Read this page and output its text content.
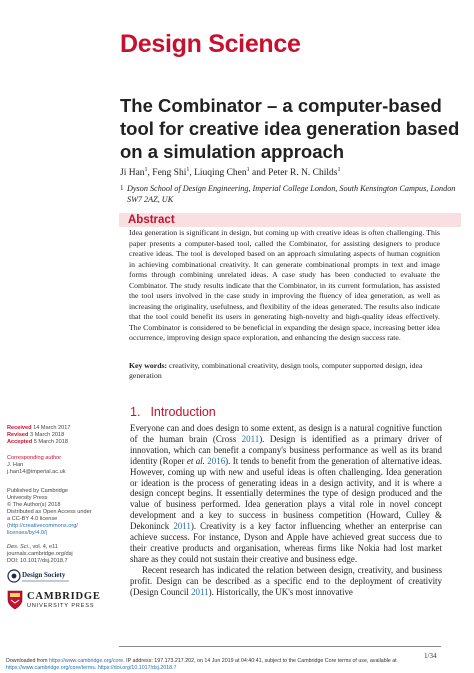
Design Science
The Combinator – a computer-based tool for creative idea generation based on a simulation approach
Ji Han$^1$, Feng Shi$^1$, Liuqing Chen$^1$ and Peter R. N. Childs$^1$
1 Dyson School of Design Engineering, Imperial College London, South Kensington Campus, London SW7 2AZ, UK
Abstract

Idea generation is significant in design, but coming up with creative ideas is often challenging. This paper presents a computer-based tool, called the Combinator, for assisting designers to produce creative ideas. The tool is developed based on an approach simulating aspects of human cognition in achieving combinational creativity. It can generate combinational prompts in text and image forms through combining unrelated ideas. A case study has been conducted to evaluate the Combinator. The study results indicate that the Combinator, in its current formulation, has assisted the tool users involved in the case study in improving the fluency of idea generation, as well as increasing the originality, usefulness, and flexibility of the ideas generated. The results also indicate that the tool could benefit its users in generating high-novelty and high-quality ideas effectively. The Combinator is considered to be beneficial in expanding the design space, increasing better idea occurrence, improving design space exploration, and enhancing the design success rate.

Key words: creativity, combinational creativity, design tools, computer supported design, idea generation

1. Introduction

Everyone can and does design to some extent, as design is a natural cognitive function of the human brain (Cross 2011). Design is identified as a primary driver of innovation, which can benefit a company's business performance as well as its brand identity (Roper et al. 2016). It tends to benefit from the generation of alternative ideas. However, coming up with new and useful ideas is often challenging. Idea generation or ideation is the process of generating ideas in a design activity, and it is where a design concept begins. It essentially determines the type of design produced and the value of business performed. Idea generation plays a vital role in novel concept development and a key to success in business competition (Howard, Culley & Dekoninck 2011). Creativity is a key factor influencing whether an enterprise can achieve success. For instance, Dyson and Apple have achieved great success due to their creative products and organisation, whereas firms like Nokia had lost market share as they could not sustain their creative and business edge.

Recent research has indicated the relation between design, creativity, and business profit. Design can be described as a specific end to the deployment of creativity (Design Council 2011). Historically, the UK's most innovative

Received 14 March 2017
Revised 3 March 2018
Accepted 5 March 2018
Corresponding author
J. Han
j.han14@imperial.ac.uk
Published by Cambridge
University Press
© The Author(s) 2018
Distributed as Open Access under
a CC-BY 4.0 license
(http://creativecommons.org/
licenses/by/4.0/)
Des. Sci., vol. 4, e11
journals.cambridge.org/dsj
DOI: 10.1017/dsj.2018.7
Design Society
CAMBRIDGE
UNIVERSITY PRESS
1/34
Downloaded from https://www.cambridge.org/core. IP address: 197.173.217.202, on 14 Jun 2019 at 04:40:41, subject to the Cambridge Core terms of use, available at
https://www.cambridge.org/core/terms. https://doi.org/10.1017/dsj.2018.7
